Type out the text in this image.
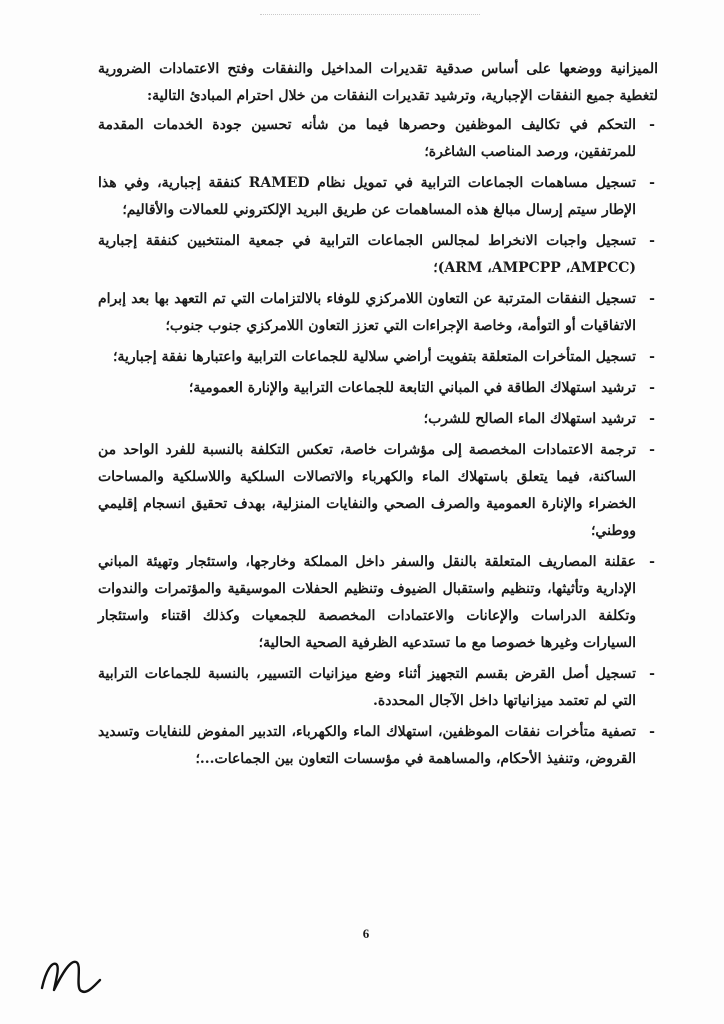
الميزانية ووضعها على أساس صدقية تقديرات المداخيل والنفقات وفتح الاعتمادات الضرورية لتغطية جميع النفقات الإجبارية، وترشيد تقديرات النفقات من خلال احترام المبادئ التالية:

-
التحكم في تكاليف الموظفين وحصرها فيما من شأنه تحسين جودة الخدمات المقدمة للمرتفقين، ورصد المناصب الشاغرة؛
-
تسجيل مساهمات الجماعات الترابية في تمويل نظام RAMED كنفقة إجبارية، وفي هذا الإطار سيتم إرسال مبالغ هذه المساهمات عن طريق البريد الإلكتروني للعمالات والأقاليم؛
-
تسجيل واجبات الانخراط لمجالس الجماعات الترابية في جمعية المنتخبين كنفقة إجبارية (ARM ،AMPCPP ،AMPCC)؛
-
تسجيل النفقات المترتبة عن التعاون اللامركزي للوفاء بالالتزامات التي تم التعهد بها بعد إبرام الاتفاقيات أو التوأمة، وخاصة الإجراءات التي تعزز التعاون اللامركزي جنوب جنوب؛
-
تسجيل المتأخرات المتعلقة بتفويت أراضي سلالية للجماعات الترابية واعتبارها نفقة إجبارية؛
-
ترشيد استهلاك الطاقة في المباني التابعة للجماعات الترابية والإنارة العمومية؛
-
ترشيد استهلاك الماء الصالح للشرب؛
-
ترجمة الاعتمادات المخصصة إلى مؤشرات خاصة، تعكس التكلفة بالنسبة للفرد الواحد من الساكنة، فيما يتعلق باستهلاك الماء والكهرباء والاتصالات السلكية واللاسلكية والمساحات الخضراء والإنارة العمومية والصرف الصحي والنفايات المنزلية، بهدف تحقيق انسجام إقليمي ووطني؛
-
عقلنة المصاريف المتعلقة بالنقل والسفر داخل المملكة وخارجها، واستئجار وتهيئة المباني الإدارية وتأثيثها، وتنظيم واستقبال الضيوف وتنظيم الحفلات الموسيقية والمؤتمرات والندوات وتكلفة الدراسات والإعانات والاعتمادات المخصصة للجمعيات وكذلك اقتناء واستئجار السيارات وغيرها خصوصا مع ما تستدعيه الظرفية الصحية الحالية؛
-
تسجيل أصل القرض بقسم التجهيز أثناء وضع ميزانيات التسيير، بالنسبة للجماعات الترابية التي لم تعتمد ميزانياتها داخل الآجال المحددة.
-
تصفية متأخرات نفقات الموظفين، استهلاك الماء والكهرباء، التدبير المفوض للنفايات وتسديد القروض، وتنفيذ الأحكام، والمساهمة في مؤسسات التعاون بين الجماعات...؛
6
